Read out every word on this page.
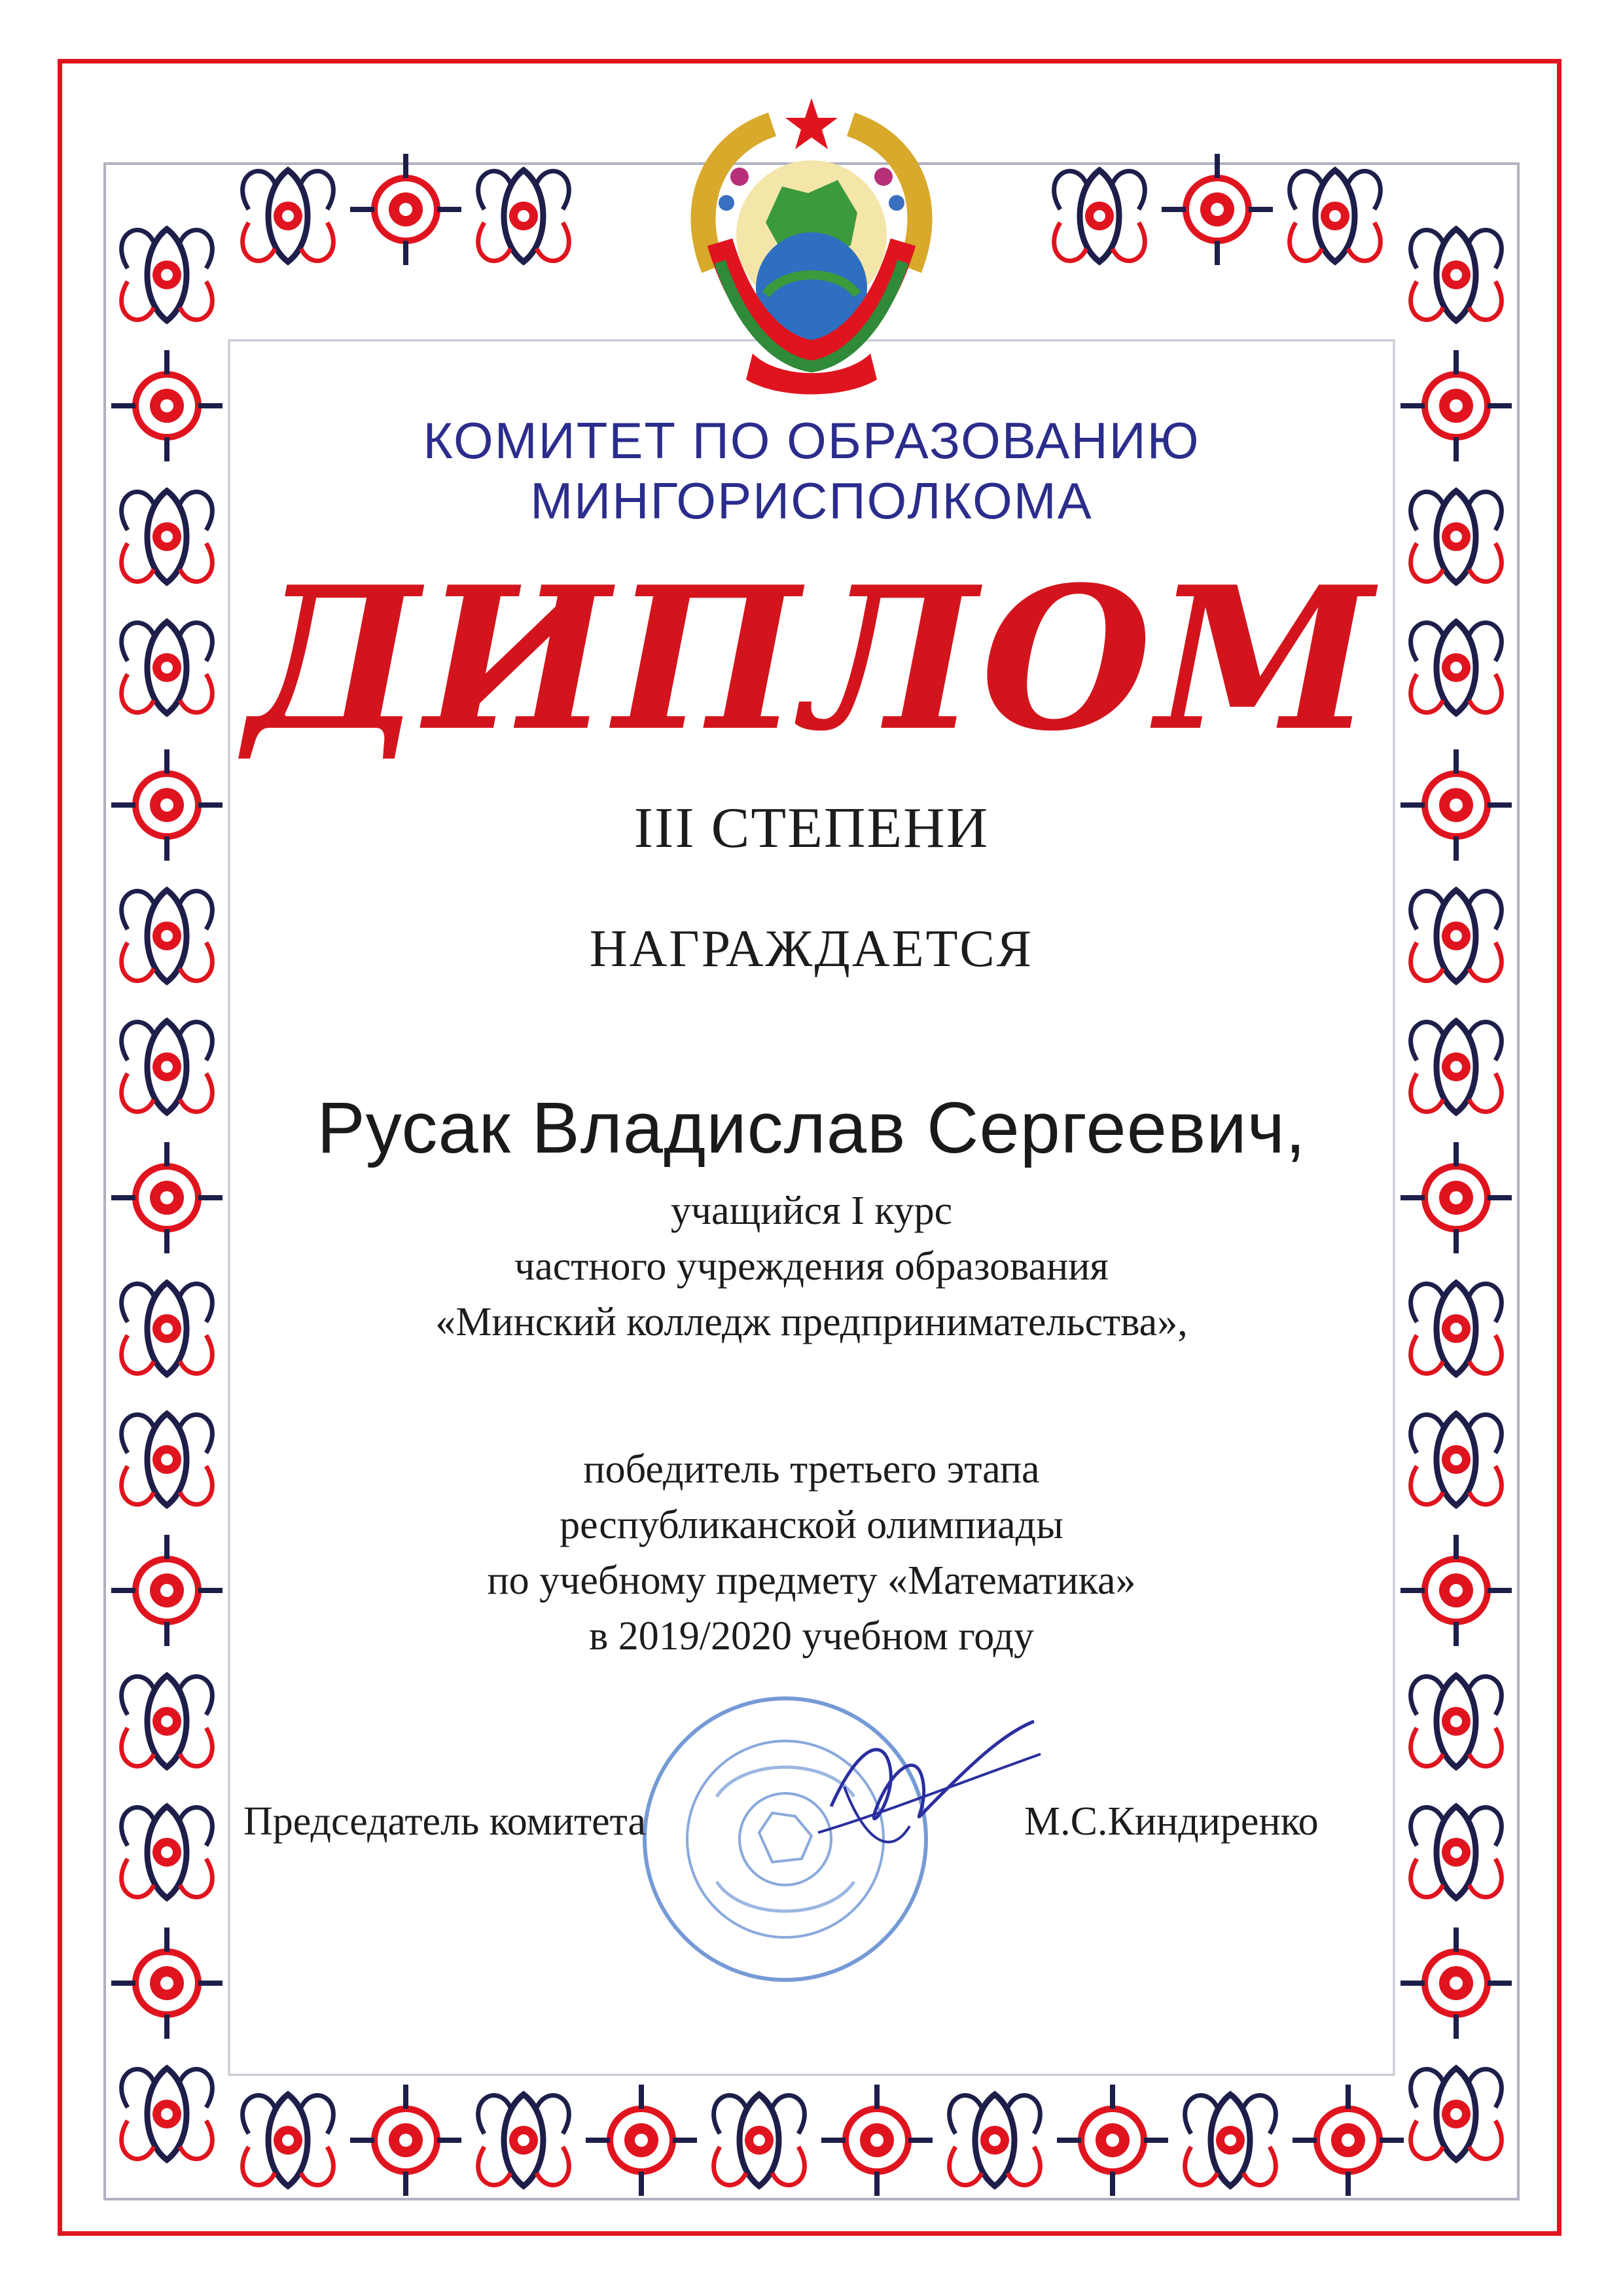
КОМИТЕТ ПО ОБРАЗОВАНИЮ
МИНГОРИСПОЛКОМА
ДИПЛОМ
III СТЕПЕНИ
НАГРАЖДАЕТСЯ
Русак Владислав Сергеевич,
учащийся I курс
частного учреждения образования
«Минский колледж предпринимательства»,
победитель третьего этапа
республиканской олимпиады
по учебному предмету «Математика»
в 2019/2020 учебном году
Председатель комитета	М.С.Киндиренко
